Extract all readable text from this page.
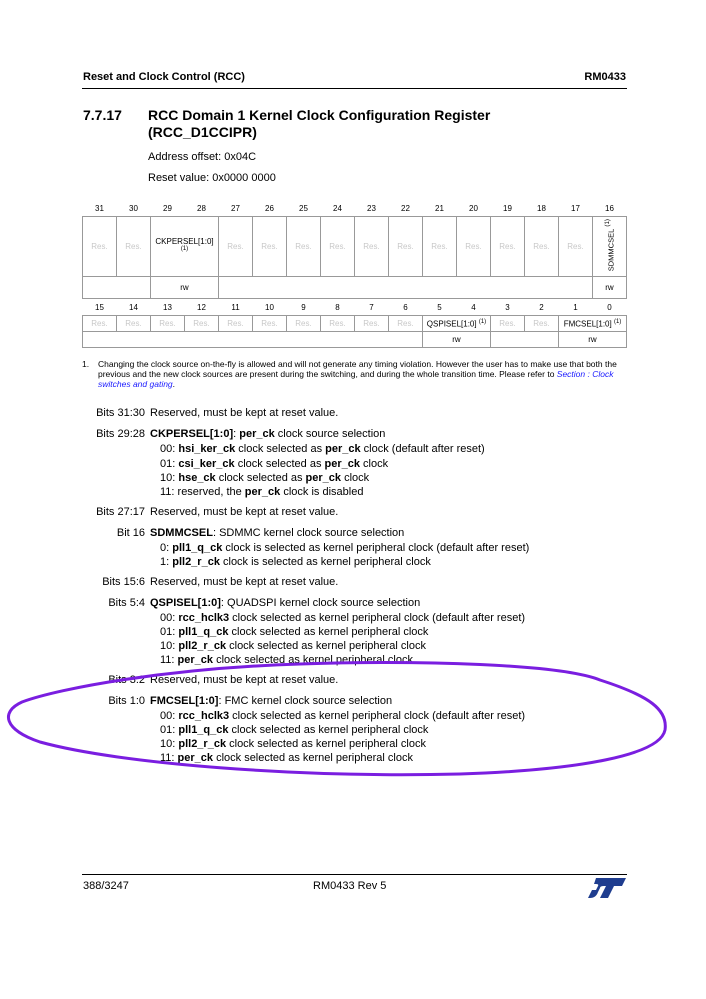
Reset and Clock Control (RCC)	RM0433
7.7.17 RCC Domain 1 Kernel Clock Configuration Register
(RCC_D1CCIPR)
Address offset: 0x04C
Reset value: 0x0000 0000
31	30	29	28	27	26	25	24	23	22	21	20	19	18	17	16
Res.	Res.	CKPERSEL[1:0] $^{(1)}$		Res.	Res.	Res.	Res.	Res.	Res.	Res.	Res.	Res.	Res.	Res.	SDMMCSEL $^{(1)}$
		rw													rw
15	14	13	12	11	10	9	8	7	6	5	4	3	2	1	0
Res.	Res.	Res.	Res.	Res.	Res.	Res.	Res.	Res.	Res.	QSPISEL[1:0] $^{(1)}$		Res.	Res.	FMCSEL[1:0] $^{(1)}$
										rw				rw	
1. Changing the clock source on-the-fly is allowed and will not generate any timing violation. However the user has to make use that both the previous and the new clock sources are present during the switching, and during the whole transition time. Please refer to Section : Clock switches and gating.
Bits 31:30 Reserved, must be kept at reset value.
Bits 29:28 CKPERSEL[1:0]: per_ck clock source selection
00: hsi_ker_ck clock selected as per_ck clock (default after reset)
01: csi_ker_ck clock selected as per_ck clock
10: hse_ck clock selected as per_ck clock
11: reserved, the per_ck clock is disabled
Bits 27:17 Reserved, must be kept at reset value.
Bit 16 SDMMCSEL: SDMMC kernel clock source selection
0: pll1_q_ck clock is selected as kernel peripheral clock (default after reset)
1: pll2_r_ck clock is selected as kernel peripheral clock
Bits 15:6 Reserved, must be kept at reset value.
Bits 5:4 QSPISEL[1:0]: QUADSPI kernel clock source selection
00: rcc_hclk3 clock selected as kernel peripheral clock (default after reset)
01: pll1_q_ck clock selected as kernel peripheral clock
10: pll2_r_ck clock selected as kernel peripheral clock
11: per_ck clock selected as kernel peripheral clock
Bits 3:2 Reserved, must be kept at reset value.
Bits 1:0 FMCSEL[1:0]: FMC kernel clock source selection
00: rcc_hclk3 clock selected as kernel peripheral clock (default after reset)
01: pll1_q_ck clock selected as kernel peripheral clock
10: pll2_r_ck clock selected as kernel peripheral clock
11: per_ck clock selected as kernel peripheral clock
388/3247	RM0433 Rev 5
